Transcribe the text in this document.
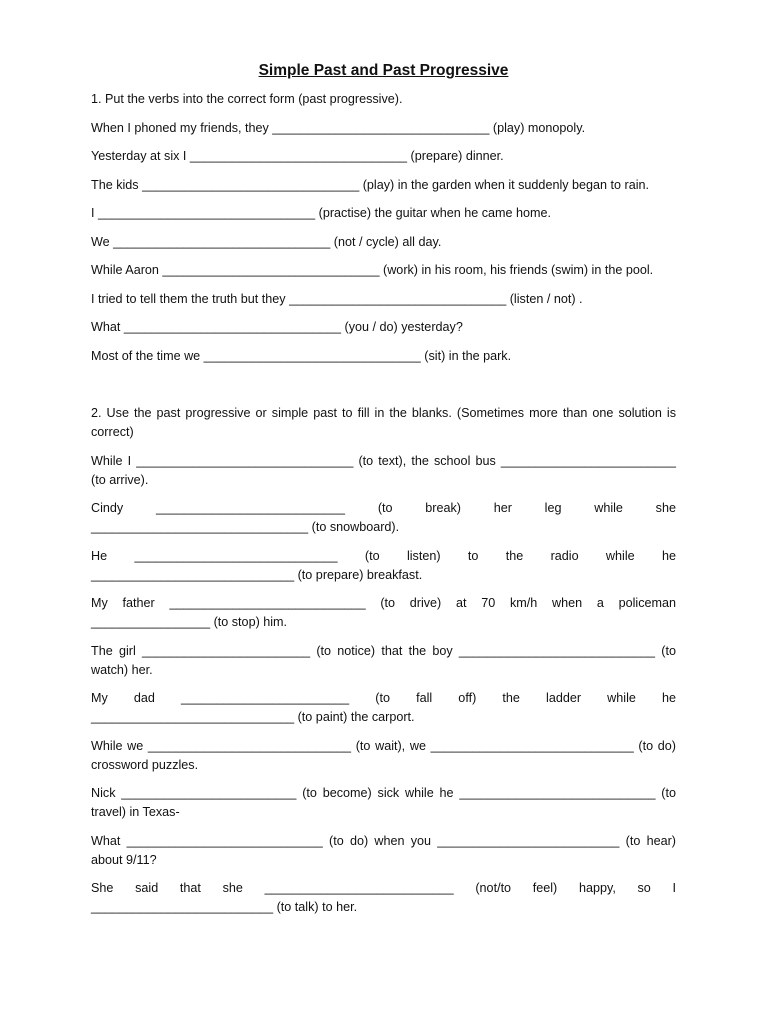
Simple Past and Past Progressive
1. Put the verbs into the correct form (past progressive).
When I phoned my friends, they _______________________________ (play) monopoly.
Yesterday at six I _______________________________ (prepare) dinner.
The kids _______________________________ (play) in the garden when it suddenly began to rain.
I _______________________________ (practise) the guitar when he came home.
We _______________________________ (not / cycle) all day.
While Aaron _______________________________ (work) in his room, his friends (swim) in the pool.
I tried to tell them the truth but they _______________________________ (listen / not) .
What _______________________________ (you / do) yesterday?
Most of the time we _______________________________ (sit) in the park.
2. Use the past progressive or simple past to fill in the blanks. (Sometimes more than one solution is correct)
While I _______________________________ (to text), the school bus _________________________ (to arrive).
Cindy ___________________________ (to break) her leg while she _______________________________ (to snowboard).
He _____________________________ (to listen) to the radio while he _____________________________ (to prepare) breakfast.
My father ____________________________ (to drive) at 70 km/h when a policeman _________________ (to stop) him.
The girl ________________________ (to notice) that the boy ____________________________ (to watch) her.
My dad ________________________ (to fall off) the ladder while he _____________________________ (to paint) the carport.
While we _____________________________ (to wait), we _____________________________ (to do) crossword puzzles.
Nick _________________________ (to become) sick while he ____________________________ (to travel) in Texas-
What ____________________________ (to do) when you __________________________ (to hear) about 9/11?
She said that she ___________________________ (not/to feel) happy, so I __________________________ (to talk) to her.
